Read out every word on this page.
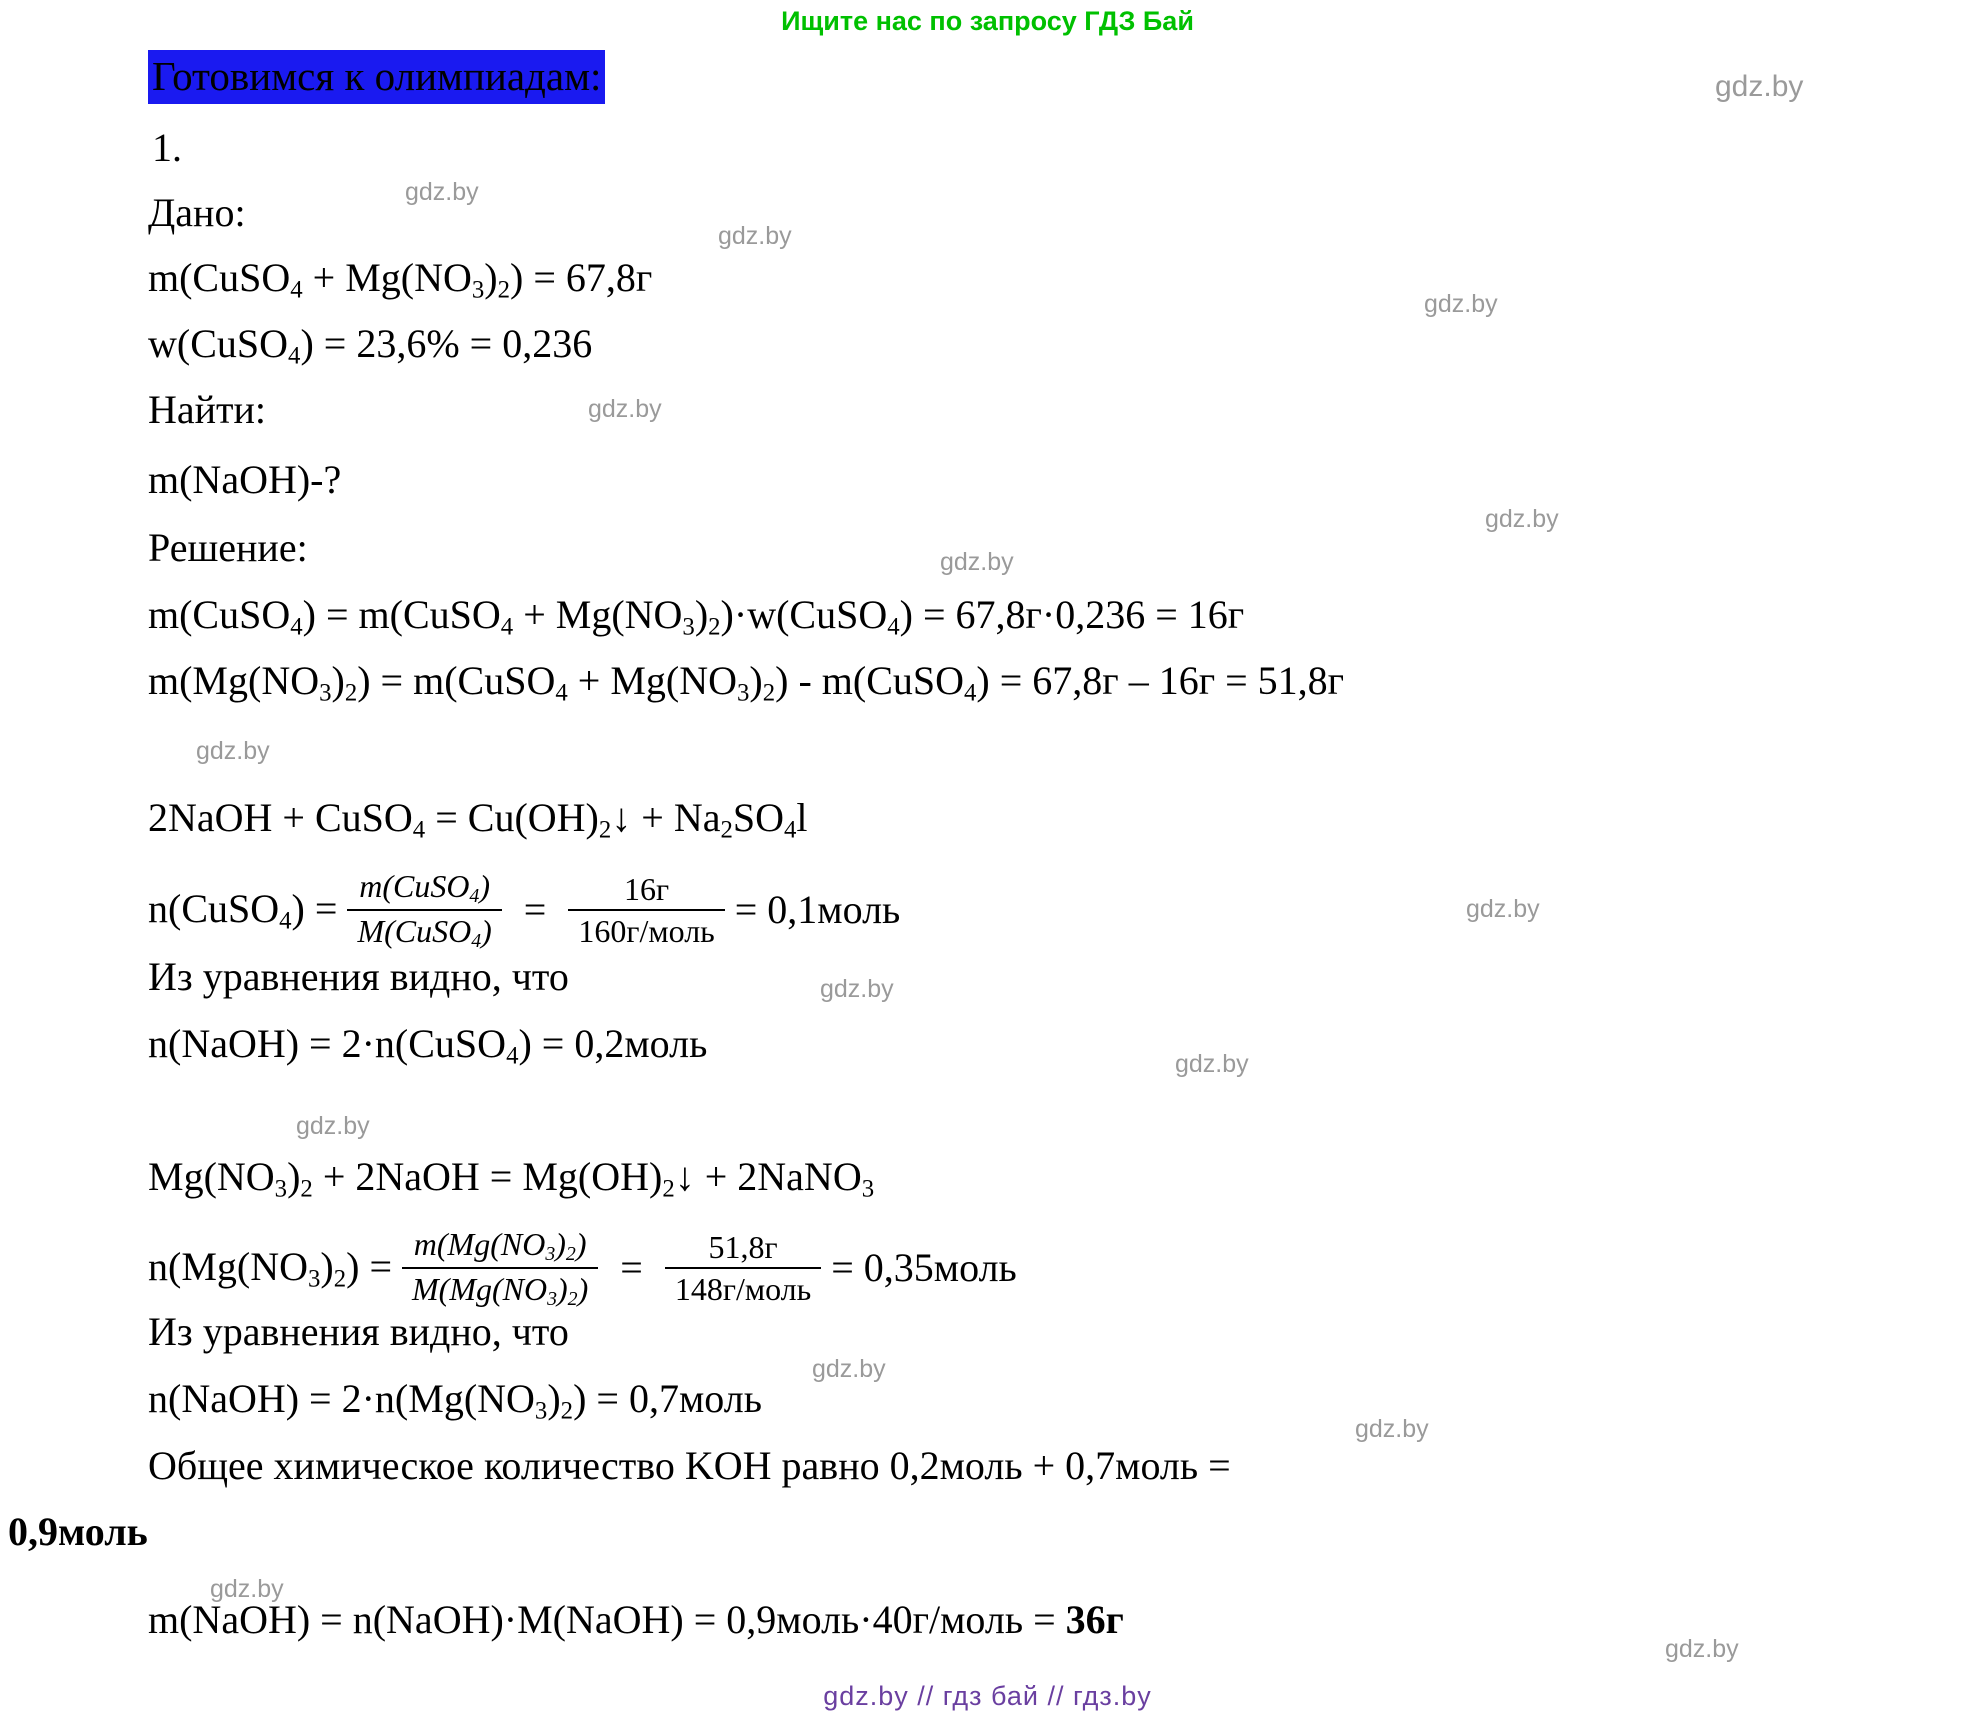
Ищите нас по запросу ГДЗ Бай
Готовимся к олимпиадам:	gdz.by
gdz.by
gdz.by
gdz.by
gdz.by
gdz.by
gdz.by
gdz.by
gdz.by
gdz.by
gdz.by
gdz.by
gdz.by
gdz.by
gdz.by
gdz.by
1.
Дано:
m(CuSO$_4$ + $Mg(NO_3)_2) = 67,8г$
w(CuSO$_4$) = 23,6% = 0,236
Найти:
m(NaOH)-?
Решение:
m(CuSO$_4$) = m(CuSO$_4$ + $Mg(NO_3)_2)\cdot w(CuSO_4) = 67,8г\cdot 0,236 = 16г$
$m(Mg(NO_3)_2)$ = m(CuSO$_4$ + $Mg(NO_3)_2$) - m(CuSO$_4$) = 67,8г – 16г = 51,8г
2NaOH + CuSO$_4$ = $Cu(OH)_2↓ + Na_2SO_4l$
n(CuSO$_4$) = $\frac{m(CuSO_4)}{M(CuSO_4)} = \frac{16г}{\text{160г/моль}}$ = 0,1моль
Из уравнения видно, что
n(NaOH) = 2·n(CuSO$_4$) = 0,2моль
$Mg(NO_3)_2$ + 2NaOH = $Mg(OH)_2↓$ + 2NaNO$_3$
$n(Mg(NO_3)_2) = \frac{m(Mg(NO_3)_2)}{M(Mg(NO_3)_2)} = \frac{51,8г}{\text{148г/моль}}$ = 0,35моль
Из уравнения видно, что
n(NaOH) = $2\cdot n(Mg(NO_3)_2)$ = 0,7моль
Общее химическое количество KOH равно 0,2моль + 0,7моль =
0,9моль
m(NaOH) = n(NaOH)·M(NaOH) = 0,9моль·40г/моль = 36г
gdz.by // гдз бай // гдз.by
